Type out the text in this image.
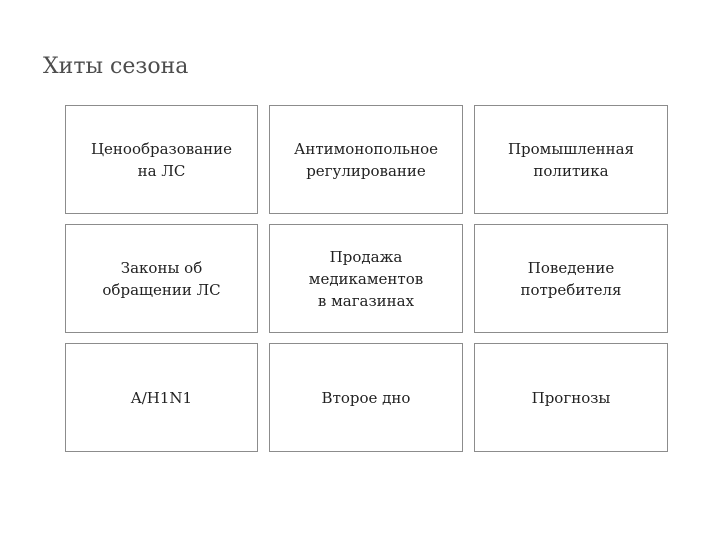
Хиты сезона
Ценообразование
на ЛС
Антимонопольное
регулирование
Промышленная
политика
Законы об
обращении ЛС
Продажа
медикаментов
в магазинах
Поведение
потребителя
A/H1N1	Второе дно	Прогнозы
